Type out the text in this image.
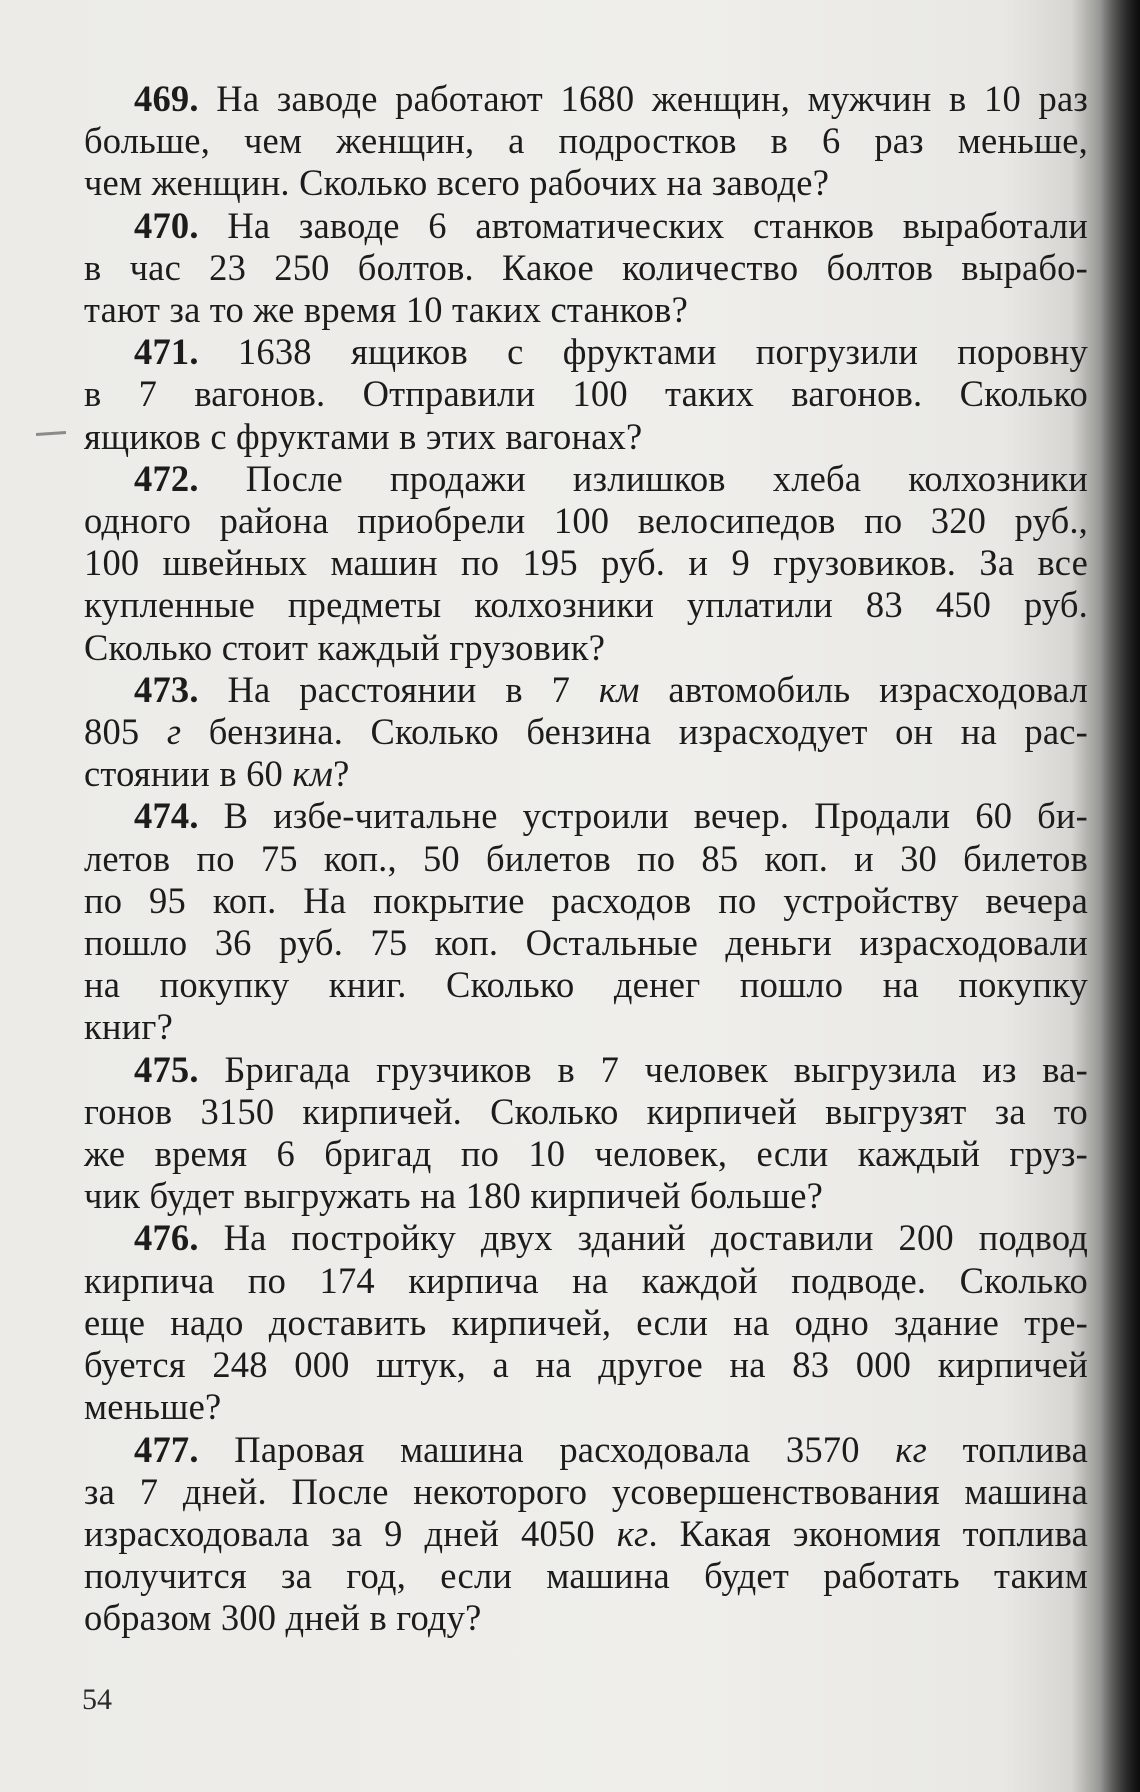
469. На заводе работают 1680 женщин, мужчин в 10 раз
больше, чем женщин, а подростков в 6 раз меньше,
чем женщин. Сколько всего рабочих на заводе?
470. На заводе 6 автоматических станков выработали
в час 23 250 болтов. Какое количество болтов вырабо-
тают за то же время 10 таких станков?
471. 1638 ящиков с фруктами погрузили поровну
в 7 вагонов. Отправили 100 таких вагонов. Сколько
ящиков с фруктами в этих вагонах?
472. После продажи излишков хлеба колхозники
одного района приобрели 100 велосипедов по 320 руб.,
100 швейных машин по 195 руб. и 9 грузовиков. За все
купленные предметы колхозники уплатили 83 450 руб.
Сколько стоит каждый грузовик?
473. На расстоянии в 7 км автомобиль израсходовал
805 г бензина. Сколько бензина израсходует он на рас-
стоянии в 60 км?
474. В избе-читальне устроили вечер. Продали 60 би-
летов по 75 коп., 50 билетов по 85 коп. и 30 билетов
по 95 коп. На покрытие расходов по устройству вечера
пошло 36 руб. 75 коп. Остальные деньги израсходовали
на покупку книг. Сколько денег пошло на покупку
книг?
475. Бригада грузчиков в 7 человек выгрузила из ва-
гонов 3150 кирпичей. Сколько кирпичей выгрузят за то
же время 6 бригад по 10 человек, если каждый груз-
чик будет выгружать на 180 кирпичей больше?
476. На постройку двух зданий доставили 200 подвод
кирпича по 174 кирпича на каждой подводе. Сколько
еще надо доставить кирпичей, если на одно здание тре-
буется 248 000 штук, а на другое на 83 000 кирпичей
меньше?
477. Паровая машина расходовала 3570 кг топлива
за 7 дней. После некоторого усовершенствования машина
израсходовала за 9 дней 4050 кг. Какая экономия топлива
получится за год, если машина будет работать таким
образом 300 дней в году?
54
